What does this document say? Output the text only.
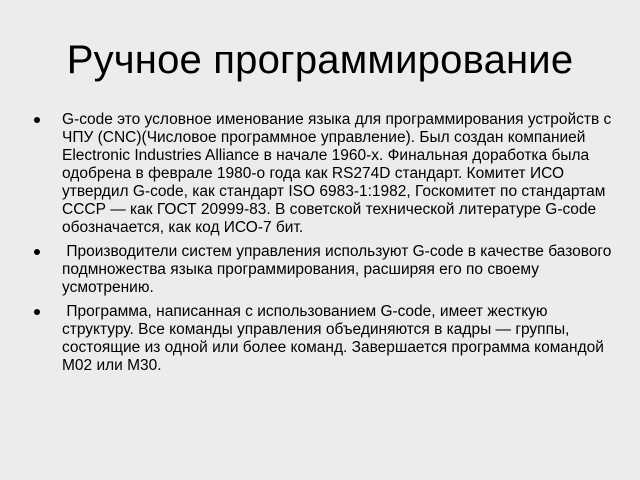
Ручное программирование
G-code это условное именование языка для программирования устройств с ЧПУ (CNC)(Числовое программное управление). Был создан компанией Electronic Industries Alliance в начале 1960-х. Финальная доработка была одобрена в феврале 1980-о года как RS274D стандарт. Комитет ИСО утвердил G-code, как стандарт ISO 6983-1:1982, Госкомитет по стандартам СССР — как ГОСТ 20999-83. В советской технической литературе G-code обозначается, как код ИСО-7 бит.
Производители систем управления используют G-code в качестве базового подмножества языка программирования, расширяя его по своему усмотрению.
Программа, написанная с использованием G-code, имеет жесткую структуру. Все команды управления объединяются в кадры — группы, состоящие из одной или более команд. Завершается программа командой M02 или M30.
